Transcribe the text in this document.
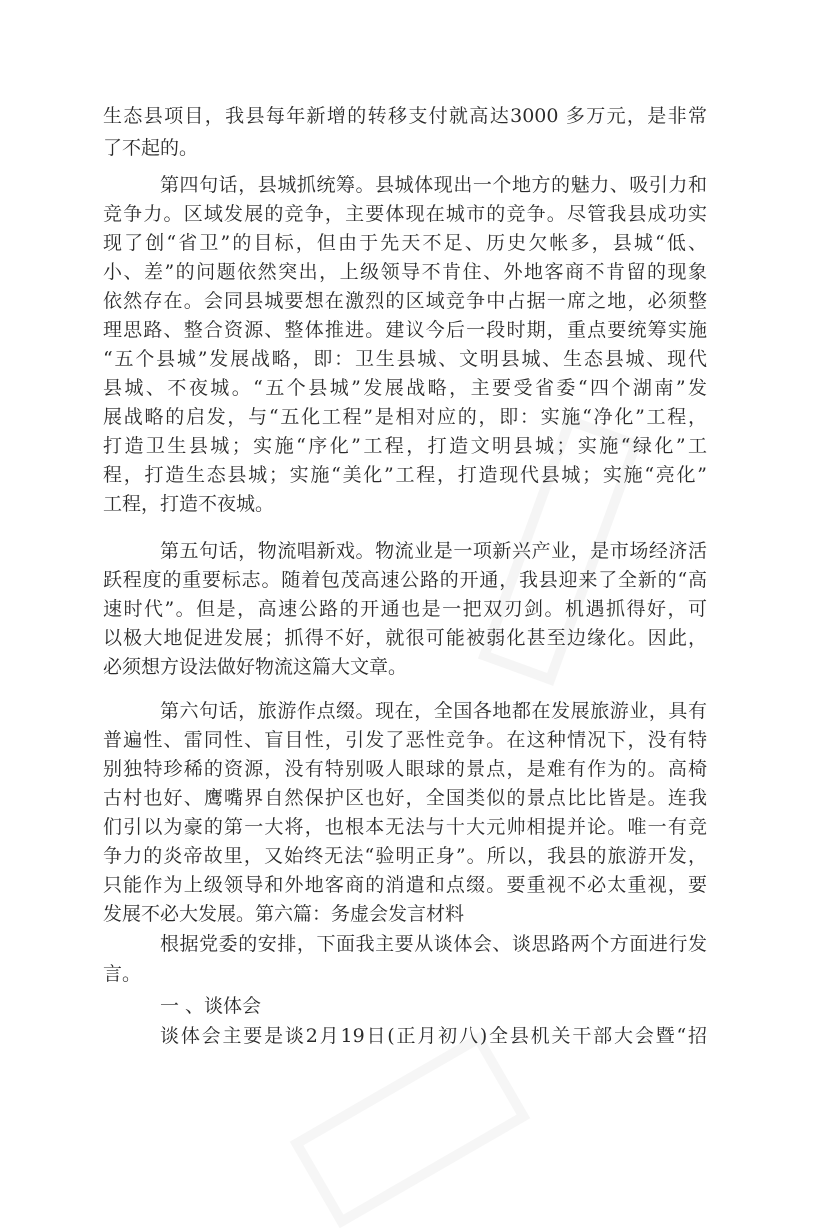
生态县项目，我县每年新增的转移支付就高达3000 多万元，是非常
了不起的。
第四句话，县城抓统筹。县城体现出一个地方的魅力、吸引力和
竞争力。区域发展的竞争，主要体现在城市的竞争。尽管我县成功实
现了创“省卫”的目标，但由于先天不足、历史欠帐多，县城“低、
小、差”的问题依然突出，上级领导不肯住、外地客商不肯留的现象
依然存在。会同县城要想在激烈的区域竞争中占据一席之地，必须整
理思路、整合资源、整体推进。建议今后一段时期，重点要统筹实施
“五个县城”发展战略，即：卫生县城、文明县城、生态县城、现代
县城、不夜城。“五个县城”发展战略，主要受省委“四个湖南”发
展战略的启发，与“五化工程”是相对应的，即：实施“净化”工程，
打造卫生县城；实施“序化”工程，打造文明县城；实施“绿化”工
程，打造生态县城；实施“美化”工程，打造现代县城；实施“亮化”
工程，打造不夜城。
第五句话，物流唱新戏。物流业是一项新兴产业，是市场经济活
跃程度的重要标志。随着包茂高速公路的开通，我县迎来了全新的“高
速时代”。但是，高速公路的开通也是一把双刃剑。机遇抓得好，可
以极大地促进发展；抓得不好，就很可能被弱化甚至边缘化。因此，
必须想方设法做好物流这篇大文章。
第六句话，旅游作点缀。现在，全国各地都在发展旅游业，具有
普遍性、雷同性、盲目性，引发了恶性竞争。在这种情况下，没有特
别独特珍稀的资源，没有特别吸人眼球的景点，是难有作为的。高椅
古村也好、鹰嘴界自然保护区也好，全国类似的景点比比皆是。连我
们引以为豪的第一大将，也根本无法与十大元帅相提并论。唯一有竞
争力的炎帝故里，又始终无法“验明正身”。所以，我县的旅游开发，
只能作为上级领导和外地客商的消遣和点缀。要重视不必太重视，要
发展不必大发展。第六篇：务虚会发言材料
根据党委的安排，下面我主要从谈体会、谈思路两个方面进行发
言。
一 、谈体会
谈体会主要是谈2月19日(正月初八)全县机关干部大会暨“招
